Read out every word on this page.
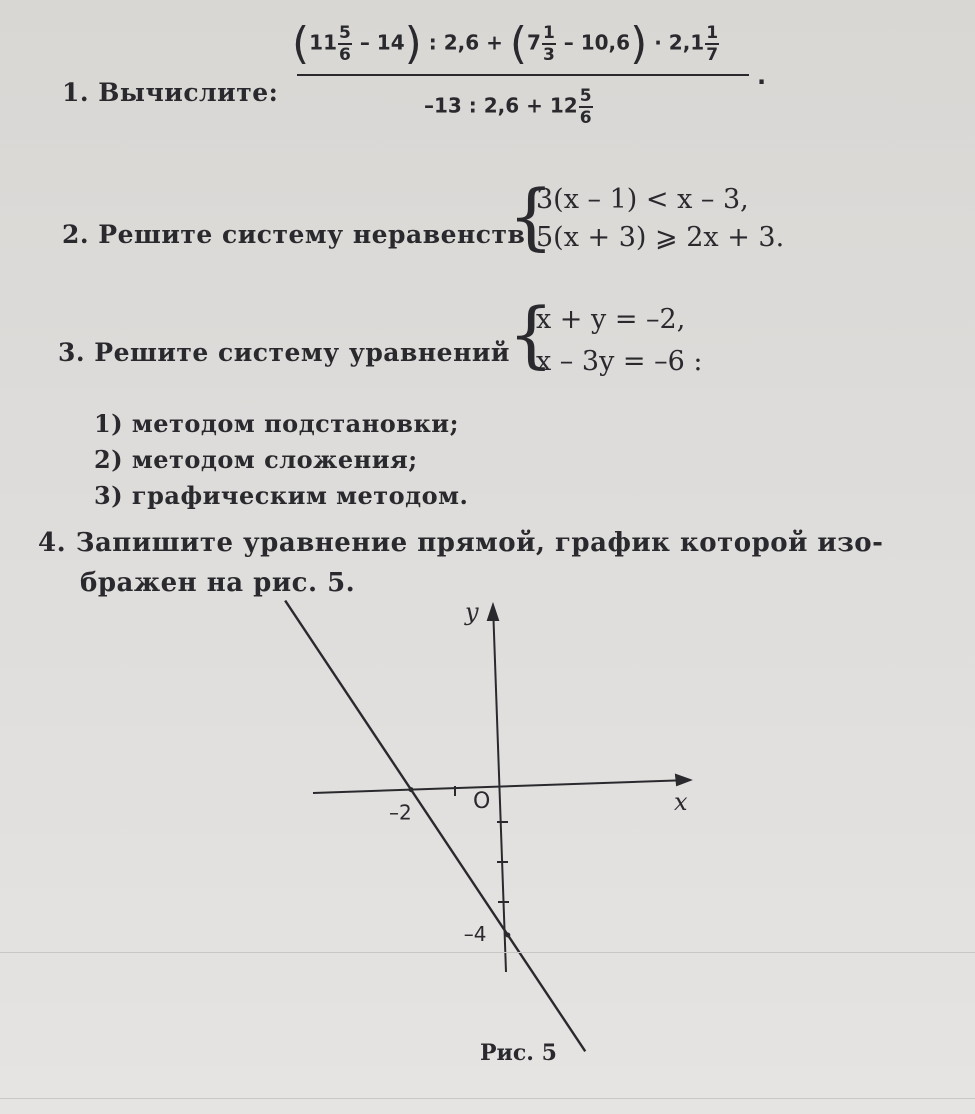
1. Вычислите:
$(11 \frac{5}{6} - 14)$ : $2,6 + (7 \frac{1}{3} - 10,6) \cdot 2,1 \frac{1}{7}$
.
–13 : $2,6 + 12 \frac{5}{6}$
2. Решите систему неравенств
{
3(x – 1) < x – 3,
5(x + 3) ⩾ 2x + 3.
3. Решите систему уравнений
{
x + y = –2,
x – 3y = –6 :
1) методом подстановки;
2) методом сложения;
3) графическим методом.
4. Запишите уравнение прямой, график которой изо-
бражен на рис. 5.
–2
–4
x
y
O
Рис. 5
